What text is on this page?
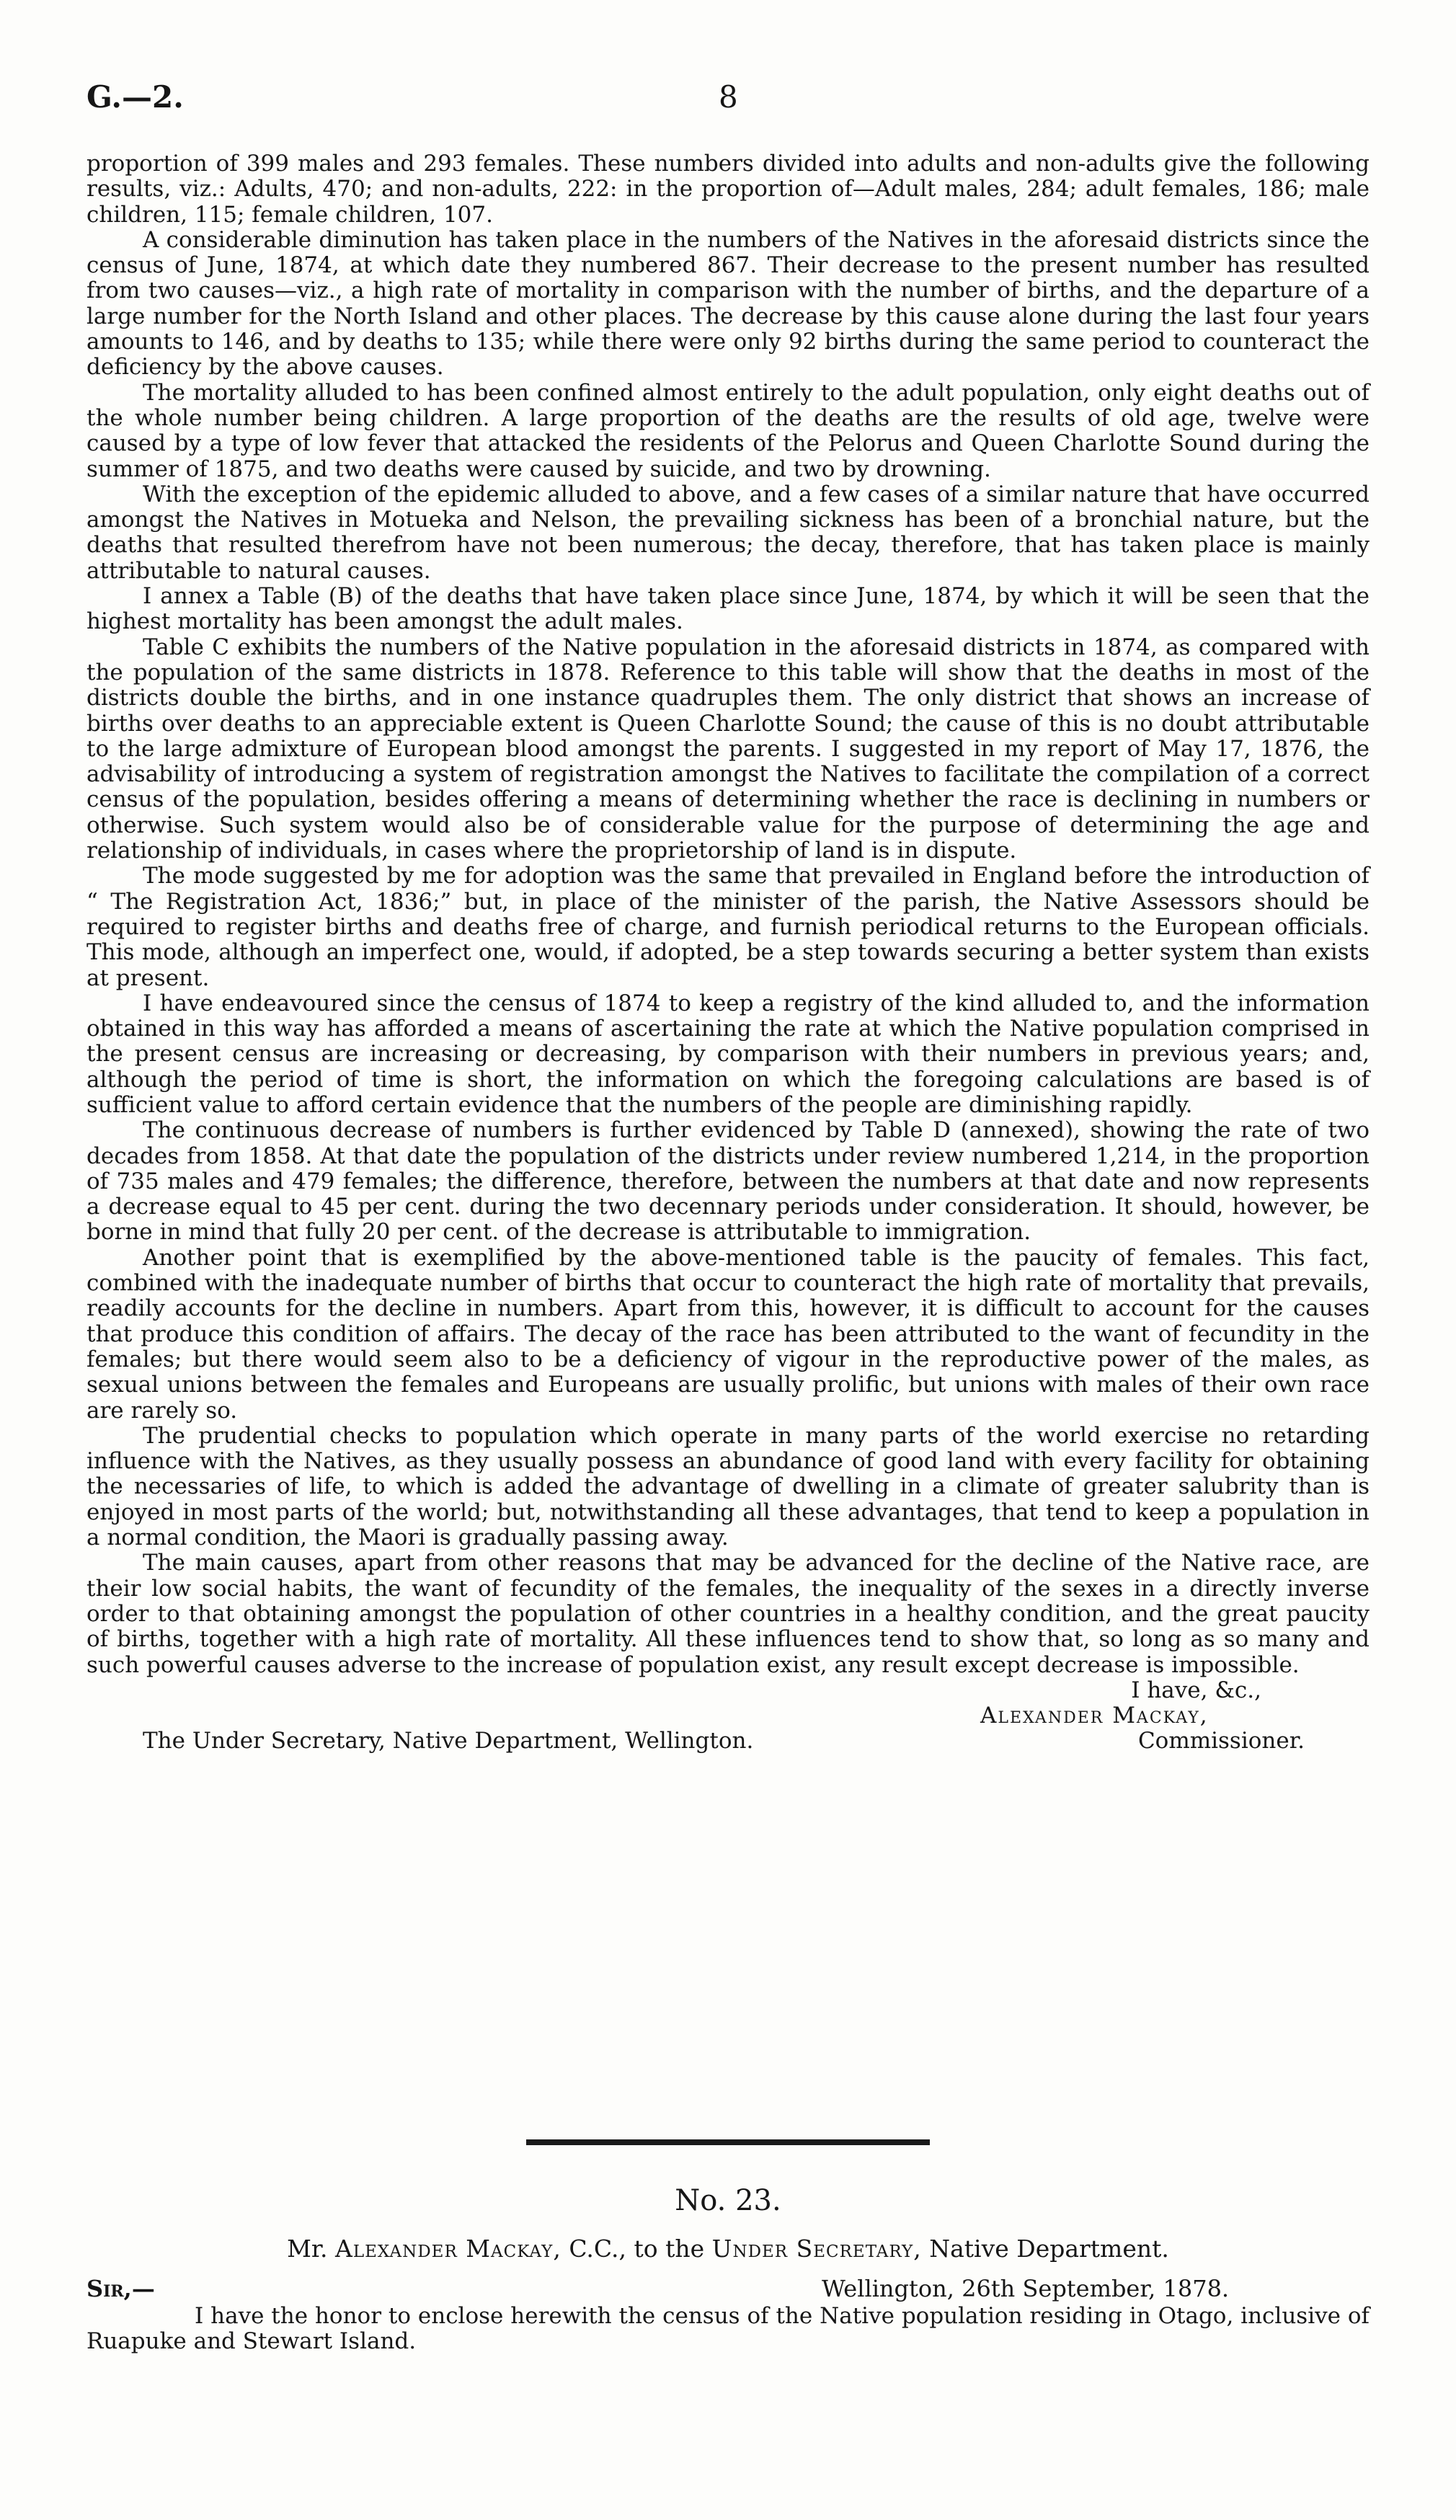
G.—2.	8

proportion of 399 males and 293 females. These numbers divided into adults and non-adults give the following results, viz.: Adults, 470; and non-adults, 222: in the proportion of—Adult males, 284; adult females, 186; male children, 115; female children, 107.

A considerable diminution has taken place in the numbers of the Natives in the aforesaid districts since the census of June, 1874, at which date they numbered 867. Their decrease to the present number has resulted from two causes—viz., a high rate of mortality in comparison with the number of births, and the departure of a large number for the North Island and other places. The decrease by this cause alone during the last four years amounts to 146, and by deaths to 135; while there were only 92 births during the same period to counteract the deficiency by the above causes.

The mortality alluded to has been confined almost entirely to the adult population, only eight deaths out of the whole number being children. A large proportion of the deaths are the results of old age, twelve were caused by a type of low fever that attacked the residents of the Pelorus and Queen Charlotte Sound during the summer of 1875, and two deaths were caused by suicide, and two by drowning.

With the exception of the epidemic alluded to above, and a few cases of a similar nature that have occurred amongst the Natives in Motueka and Nelson, the prevailing sickness has been of a bronchial nature, but the deaths that resulted therefrom have not been numerous; the decay, therefore, that has taken place is mainly attributable to natural causes.

I annex a Table (B) of the deaths that have taken place since June, 1874, by which it will be seen that the highest mortality has been amongst the adult males.

Table C exhibits the numbers of the Native population in the aforesaid districts in 1874, as compared with the population of the same districts in 1878. Reference to this table will show that the deaths in most of the districts double the births, and in one instance quadruples them. The only district that shows an increase of births over deaths to an appreciable extent is Queen Charlotte Sound; the cause of this is no doubt attributable to the large admixture of European blood amongst the parents. I suggested in my report of May 17, 1876, the advisability of introducing a system of registration amongst the Natives to facilitate the compilation of a correct census of the population, besides offering a means of determining whether the race is declining in numbers or otherwise. Such system would also be of considerable value for the purpose of determining the age and relationship of individuals, in cases where the proprietorship of land is in dispute.

The mode suggested by me for adoption was the same that prevailed in England before the introduction of “ The Registration Act, 1836;” but, in place of the minister of the parish, the Native Assessors should be required to register births and deaths free of charge, and furnish periodical returns to the European officials. This mode, although an imperfect one, would, if adopted, be a step towards securing a better system than exists at present.

I have endeavoured since the census of 1874 to keep a registry of the kind alluded to, and the information obtained in this way has afforded a means of ascertaining the rate at which the Native population comprised in the present census are increasing or decreasing, by comparison with their numbers in previous years; and, although the period of time is short, the information on which the foregoing calculations are based is of sufficient value to afford certain evidence that the numbers of the people are diminishing rapidly.

The continuous decrease of numbers is further evidenced by Table D (annexed), showing the rate of two decades from 1858. At that date the population of the districts under review numbered 1,214, in the proportion of 735 males and 479 females; the difference, therefore, between the numbers at that date and now represents a decrease equal to 45 per cent. during the two decennary periods under consideration. It should, however, be borne in mind that fully 20 per cent. of the decrease is attributable to immigration.

Another point that is exemplified by the above-mentioned table is the paucity of females. This fact, combined with the inadequate number of births that occur to counteract the high rate of mortality that prevails, readily accounts for the decline in numbers. Apart from this, however, it is difficult to account for the causes that produce this condition of affairs. The decay of the race has been attributed to the want of fecundity in the females; but there would seem also to be a deficiency of vigour in the reproductive power of the males, as sexual unions between the females and Europeans are usually prolific, but unions with males of their own race are rarely so.

The prudential checks to population which operate in many parts of the world exercise no retarding influence with the Natives, as they usually possess an abundance of good land with every facility for obtaining the necessaries of life, to which is added the advantage of dwelling in a climate of greater salubrity than is enjoyed in most parts of the world; but, notwithstanding all these advantages, that tend to keep a population in a normal condition, the Maori is gradually passing away.

The main causes, apart from other reasons that may be advanced for the decline of the Native race, are their low social habits, the want of fecundity of the females, the inequality of the sexes in a directly inverse order to that obtaining amongst the population of other countries in a healthy condition, and the great paucity of births, together with a high rate of mortality. All these influences tend to show that, so long as so many and such powerful causes adverse to the increase of population exist, any result except decrease is impossible.

I have, &c.,
Alexander Mackay,
The Under Secretary, Native Department, Wellington.	Commissioner.
No. 23.
Mr. Alexander Mackay, C.C., to the Under Secretary, Native Department.
Sir,—	Wellington, 26th September, 1878.

I have the honor to enclose herewith the census of the Native population residing in Otago, inclusive of Ruapuke and Stewart Island.
